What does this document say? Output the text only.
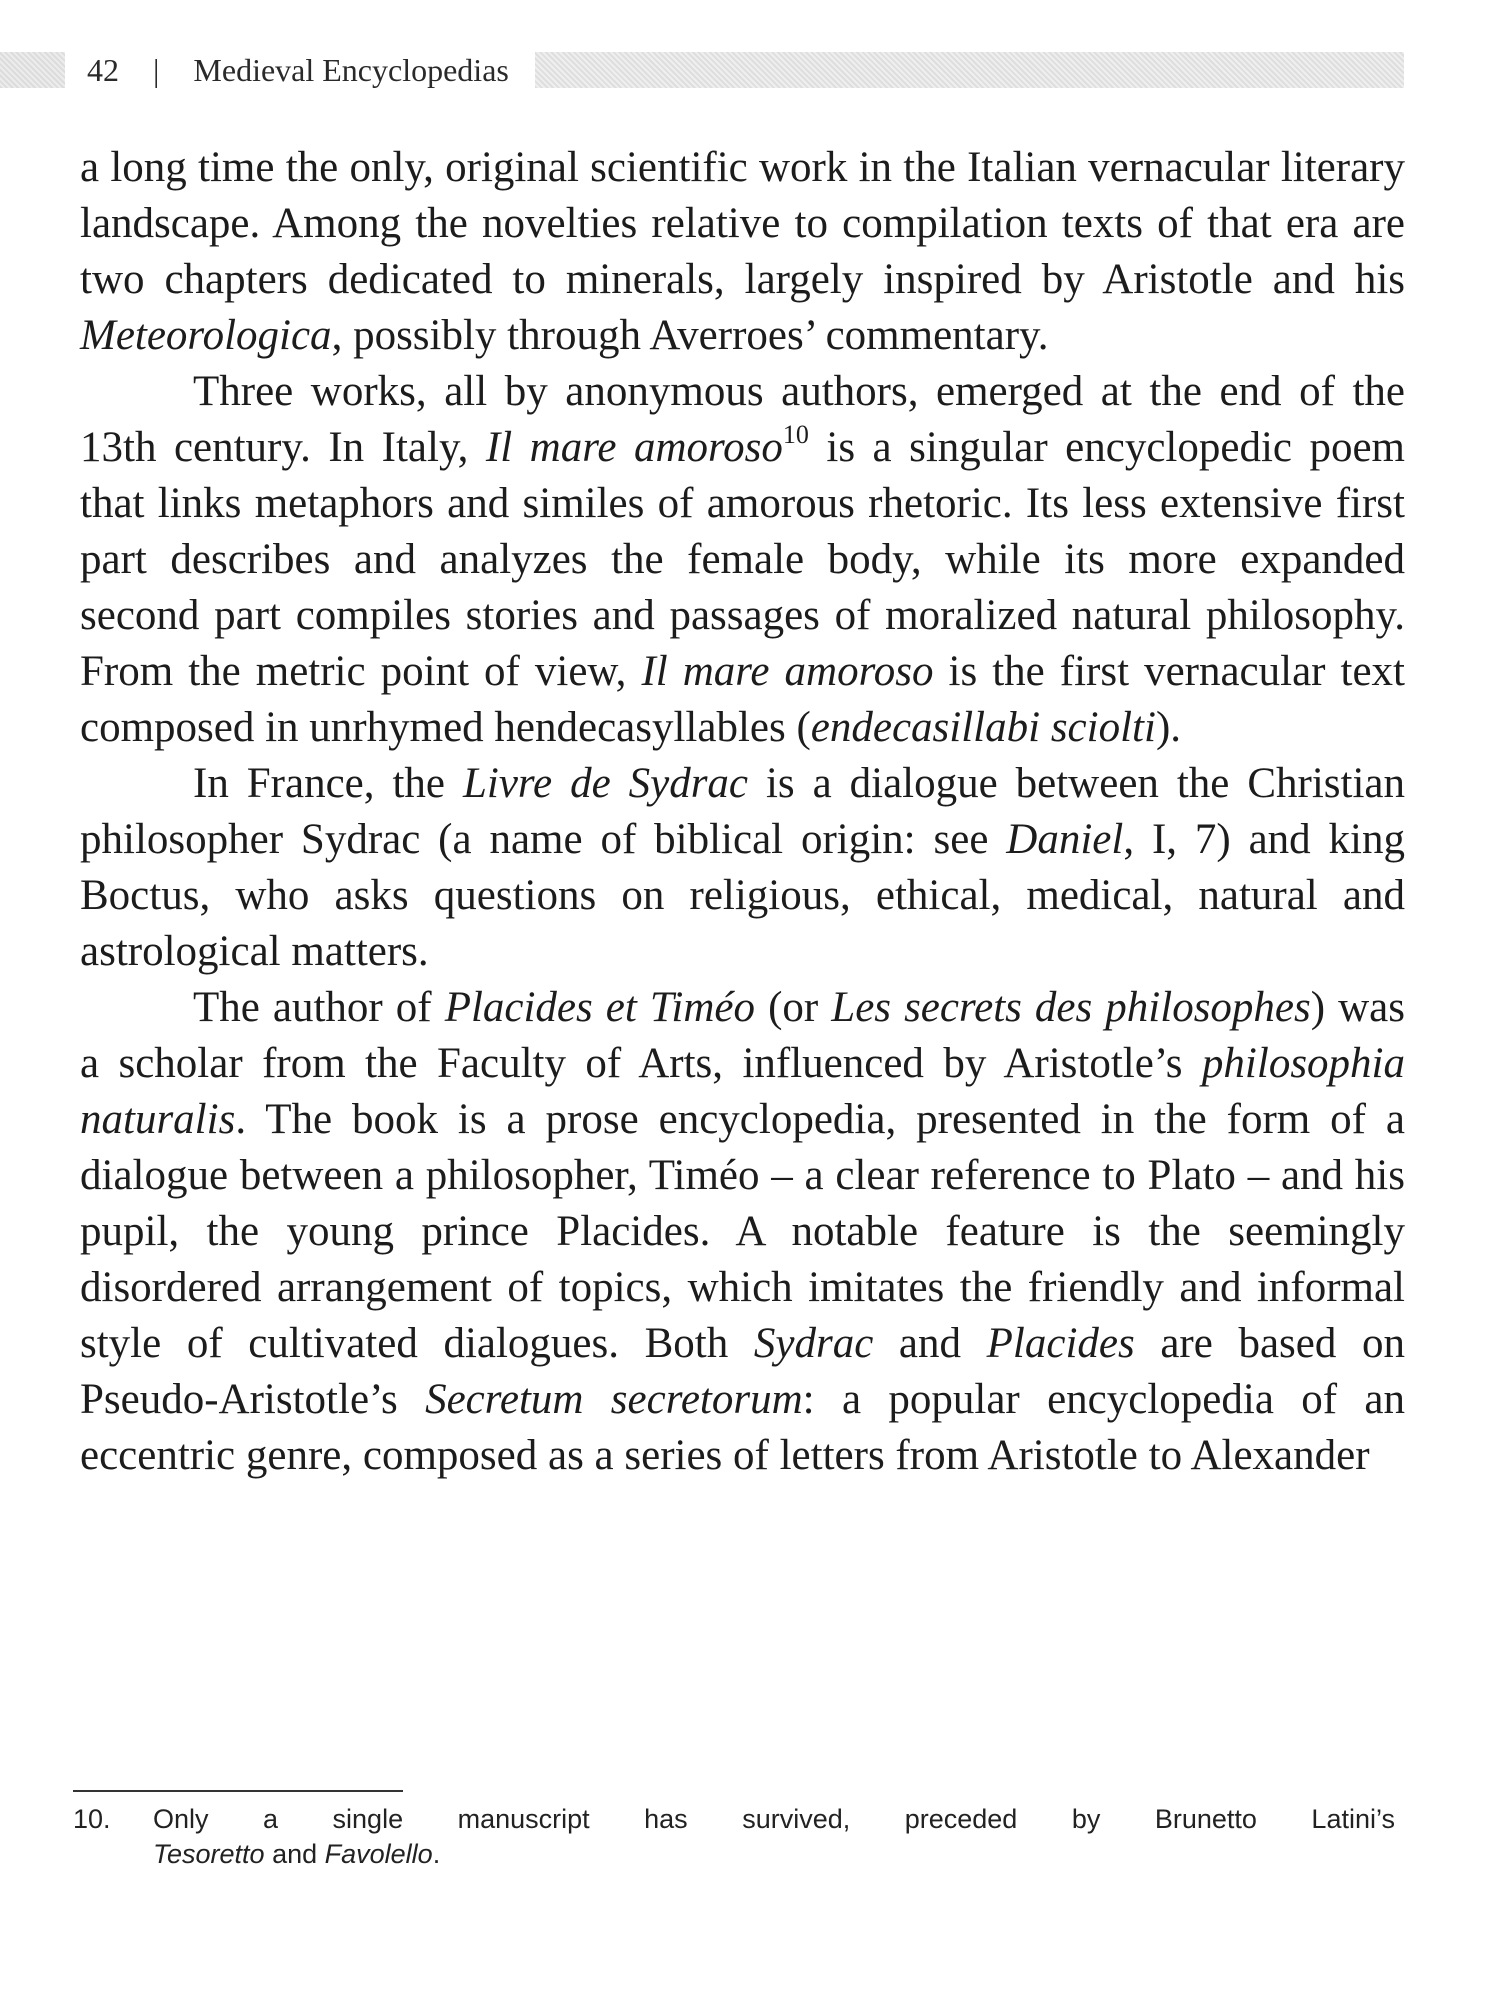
42 | Medieval Encyclopedias

a long time the only, original scientific work in the Italian vernacular literary landscape. Among the novelties relative to compilation texts of that era are two chapters dedicated to minerals, largely inspired by Aristotle and his Meteorologica, possibly through Averroes’ commentary.

Three works, all by anonymous authors, emerged at the end of the 13th century. In Italy, Il mare amoroso$^{10}$ is a singular encyclopedic poem that links metaphors and similes of amorous rhetoric. Its less extensive first part describes and analyzes the female body, while its more expanded second part compiles stories and passages of moralized natural philosophy. From the metric point of view, Il mare amoroso is the first vernacular text composed in unrhymed hendecasyllables (endecasillabi sciolti).

In France, the Livre de Sydrac is a dialogue between the Christian philosopher Sydrac (a name of biblical origin: see Daniel, I, 7) and king Boctus, who asks questions on religious, ethical, medical, natural and astrological matters.

The author of Placides et Timéo (or Les secrets des philosophes) was a scholar from the Faculty of Arts, influenced by Aristotle’s philosophia naturalis. The book is a prose encyclopedia, presented in the form of a dialogue between a philosopher, Timéo – a clear reference to Plato – and his pupil, the young prince Placides. A notable feature is the seemingly disordered arrangement of topics, which imitates the friendly and informal style of cultivated dialogues. Both Sydrac and Placides are based on Pseudo-Aristotle’s Secretum secretorum: a popular encyclopedia of an eccentric genre, composed as a series of letters from Aristotle to Alexander

10.	Only a single manuscript has survived, preceded by Brunetto Latini’s
Tesoretto and Favolello.
